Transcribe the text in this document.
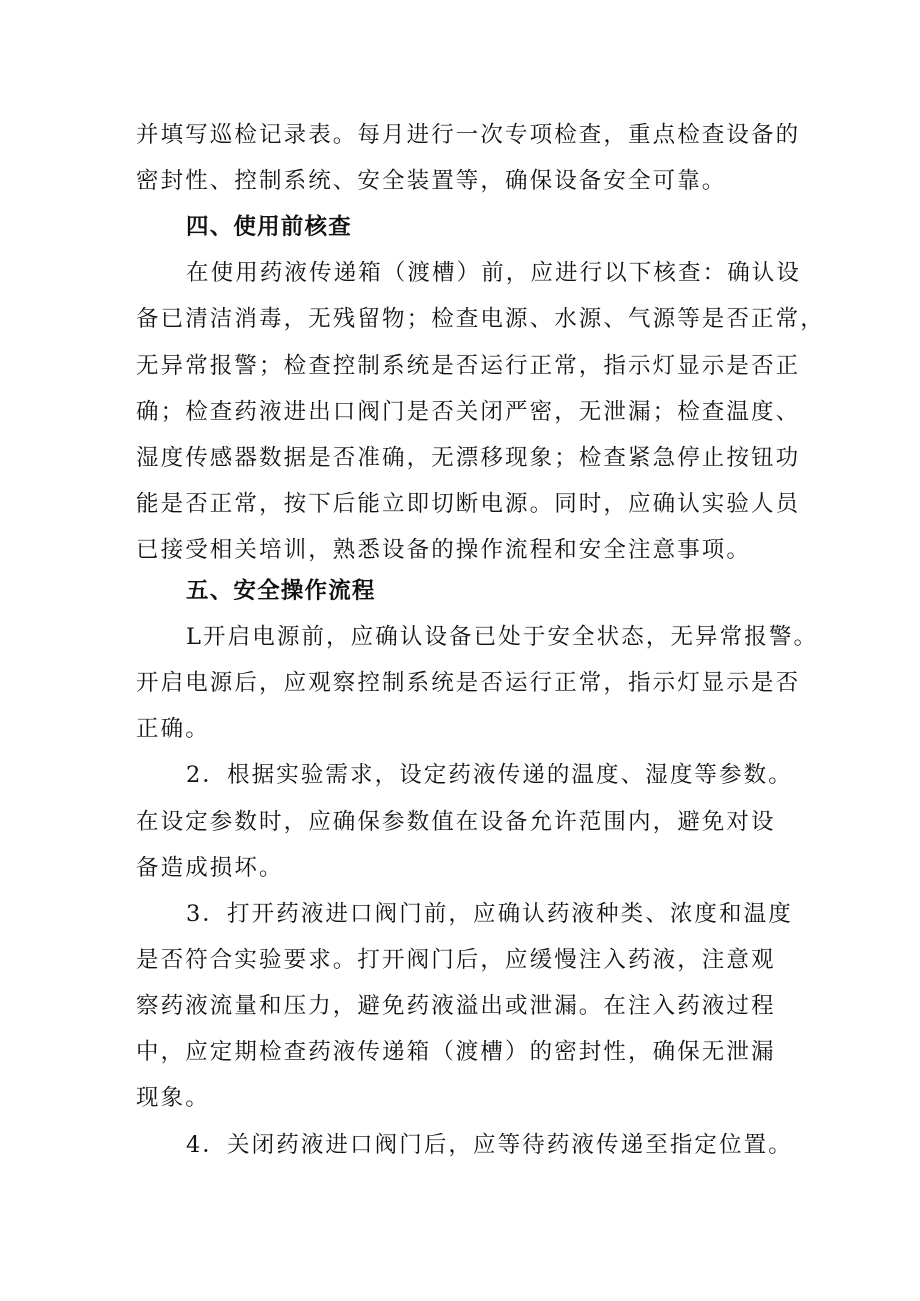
并填写巡检记录表。每月进行一次专项检查，重点检查设备的
密封性、控制系统、安全装置等，确保设备安全可靠。
四、使用前核查
在使用药液传递箱（渡槽）前，应进行以下核查：确认设
备已清洁消毒，无残留物；检查电源、水源、气源等是否正常，
无异常报警；检查控制系统是否运行正常，指示灯显示是否正
确；检查药液进出口阀门是否关闭严密，无泄漏；检查温度、
湿度传感器数据是否准确，无漂移现象；检查紧急停止按钮功
能是否正常，按下后能立即切断电源。同时，应确认实验人员
已接受相关培训，熟悉设备的操作流程和安全注意事项。
五、安全操作流程
L开启电源前，应确认设备已处于安全状态，无异常报警。
开启电源后，应观察控制系统是否运行正常，指示灯显示是否
正确。
2．根据实验需求，设定药液传递的温度、湿度等参数。
在设定参数时，应确保参数值在设备允许范围内，避免对设
备造成损坏。
3．打开药液进口阀门前，应确认药液种类、浓度和温度
是否符合实验要求。打开阀门后，应缓慢注入药液，注意观
察药液流量和压力，避免药液溢出或泄漏。在注入药液过程
中，应定期检查药液传递箱（渡槽）的密封性，确保无泄漏
现象。
4．关闭药液进口阀门后，应等待药液传递至指定位置。
